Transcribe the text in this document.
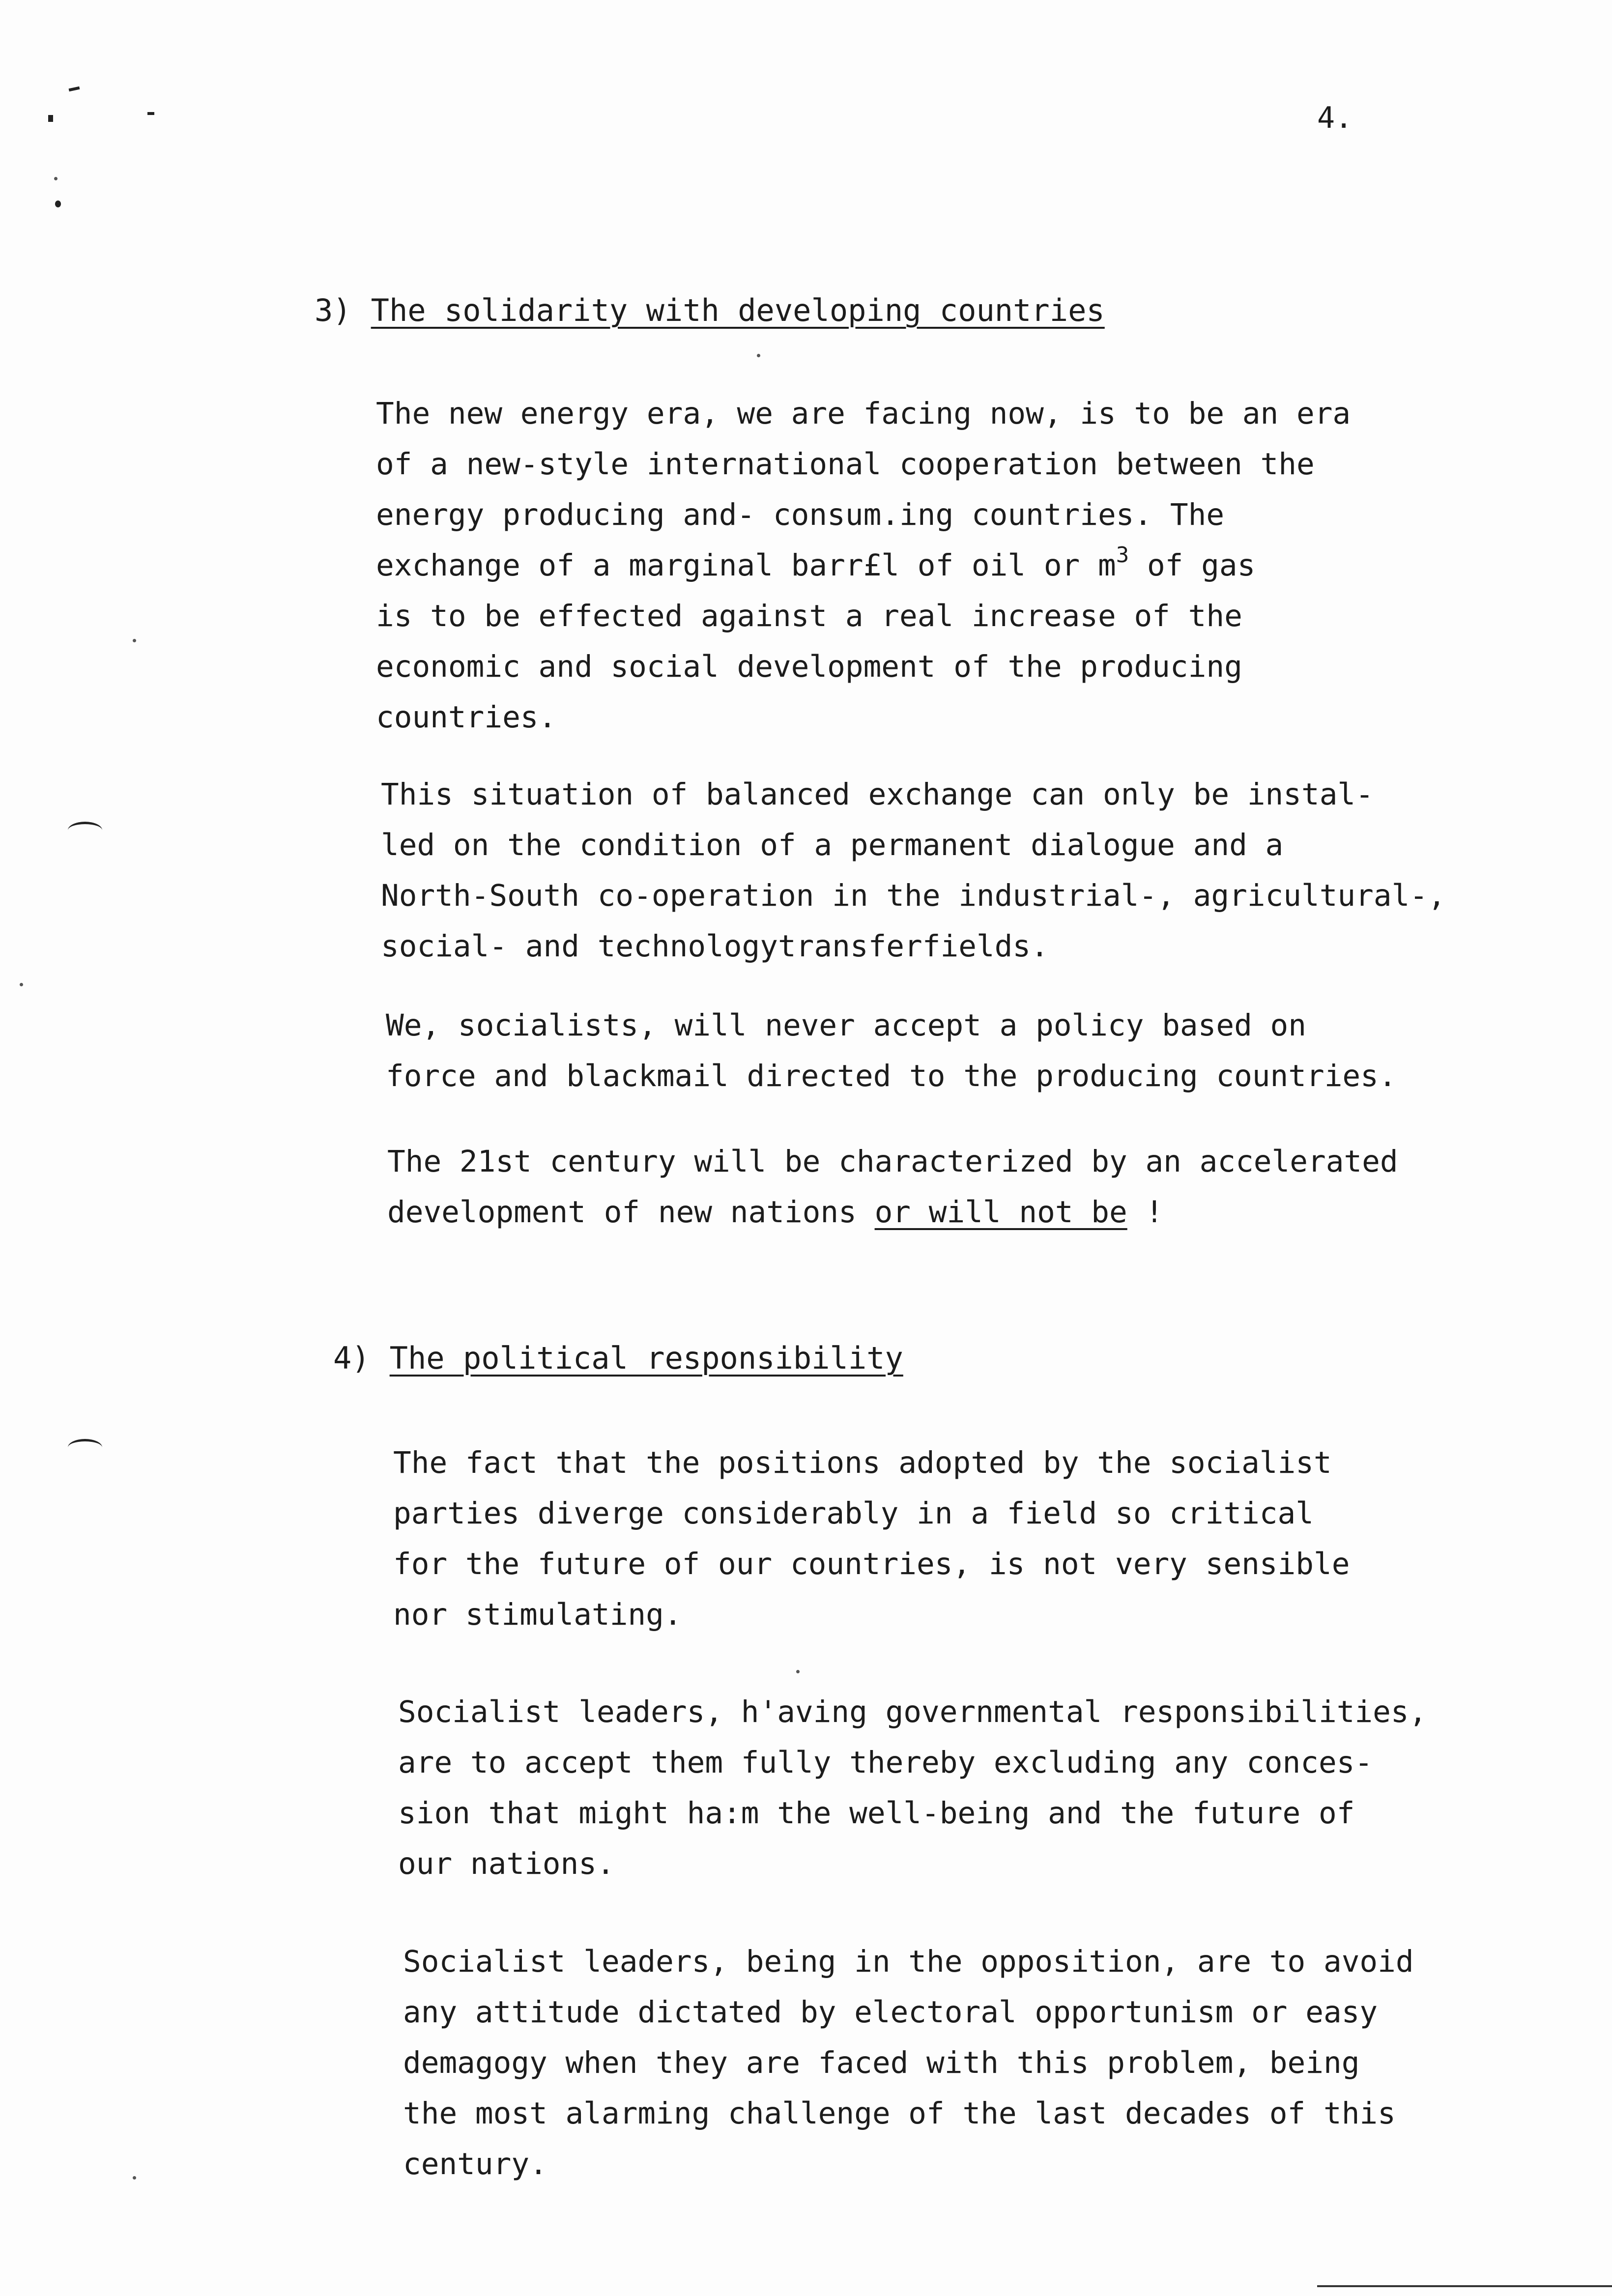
4.
3) The solidarity with developing countries
The new energy era, we are facing now, is to be an era
of a new-style international cooperation between the
energy producing and- consum.ing countries. The
exchange of a marginal barr£l of oil or $m^3$ of gas
is to be effected against a real increase of the
economic and social development of the producing
countries.
This situation of balanced exchange can only be instal-
led on the condition of a permanent dialogue and a
North-South co-operation in the industrial-, agricultural-,
social- and technologytransferfields.
We, socialists, will never accept a policy based on
force and blackmail directed to the producing countries.
The 21st century will be characterized by an accelerated
development of new nations or will not be !
4) The political responsibility
The fact that the positions adopted by the socialist
parties diverge considerably in a field so critical
for the future of our countries, is not very sensible
nor stimulating.
Socialist leaders, h'aving governmental responsibilities,
are to accept them fully thereby excluding any conces-
sion that might ha:m the well-being and the future of
our nations.
Socialist leaders, being in the opposition, are to avoid
any attitude dictated by electoral opportunism or easy
demagogy when they are faced with this problem, being
the most alarming challenge of the last decades of this
century.
